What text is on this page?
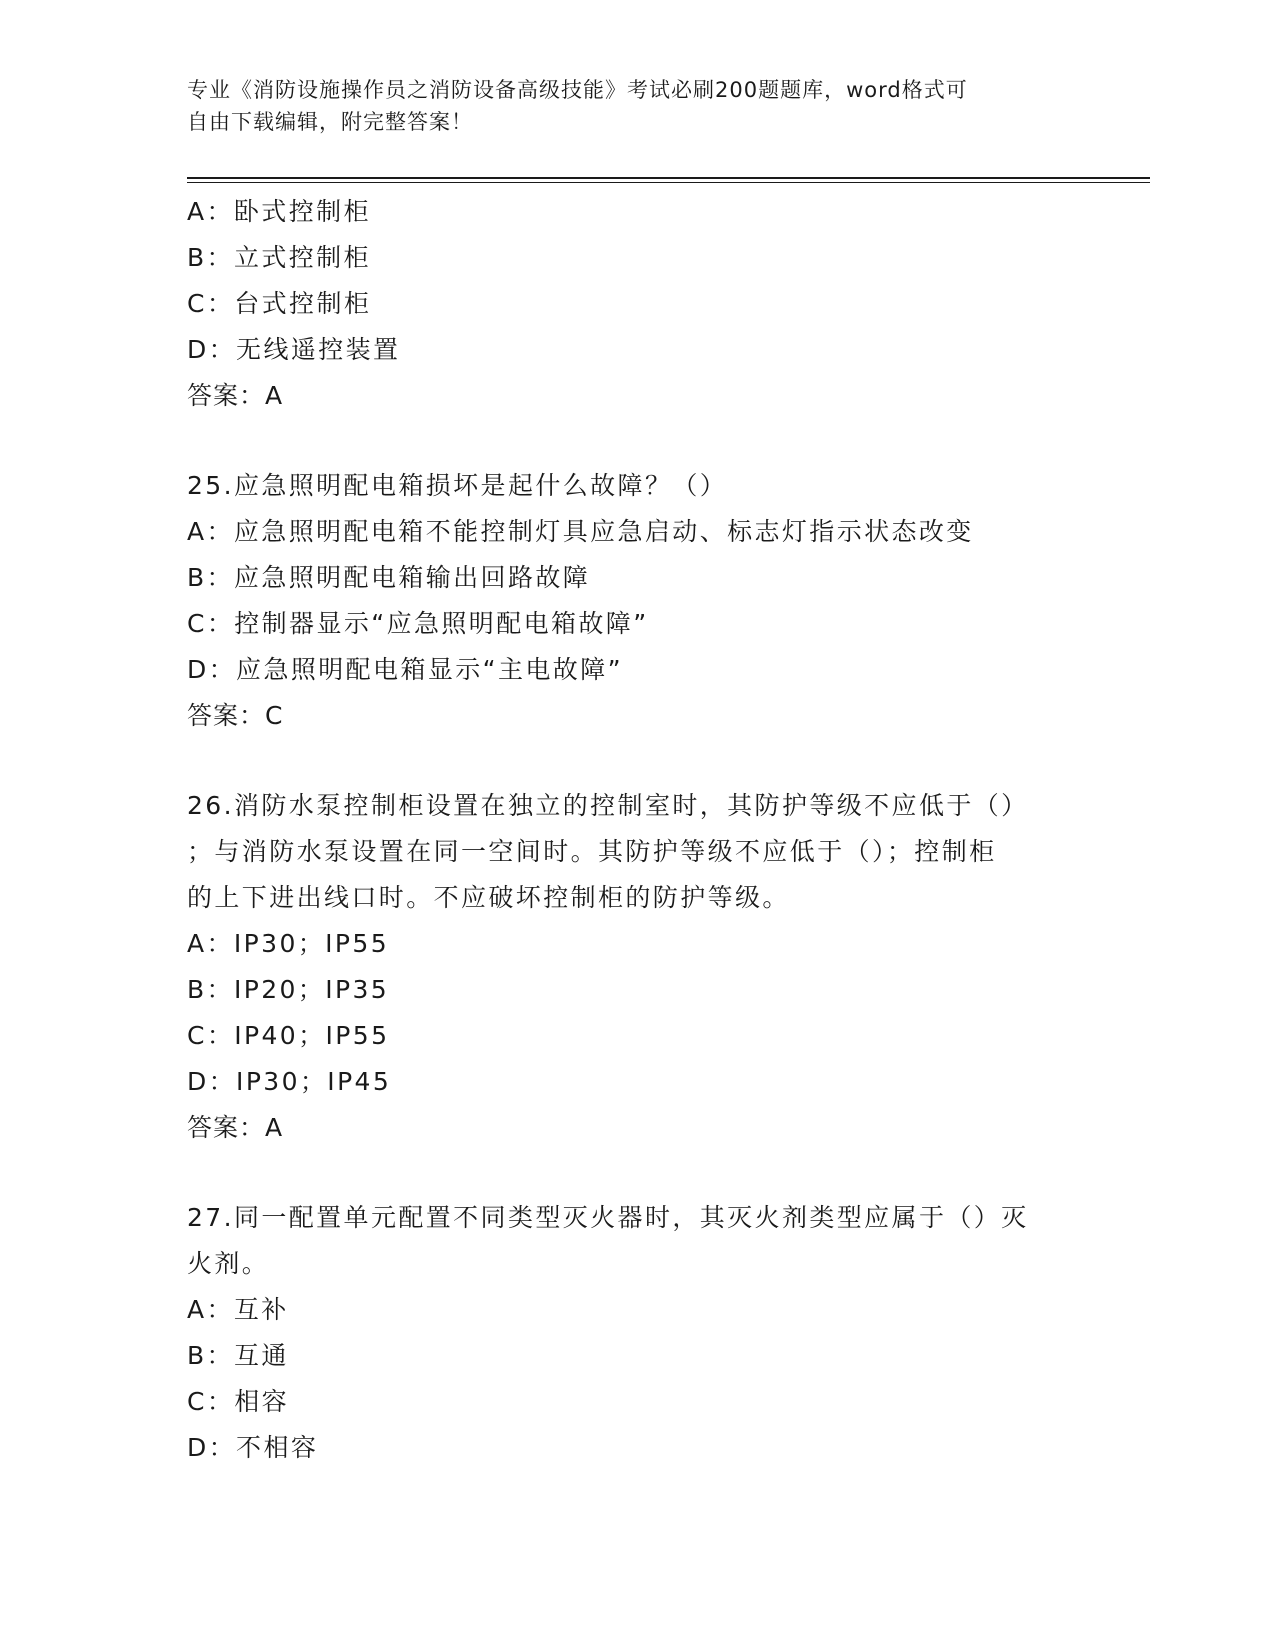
专业《消防设施操作员之消防设备高级技能》考试必刷200题题库，word格式可
自由下载编辑，附完整答案！
A：卧式控制柜
B：立式控制柜
C：台式控制柜
D：无线遥控装置
答案：A
25.应急照明配电箱损坏是起什么故障？（）
A：应急照明配电箱不能控制灯具应急启动、标志灯指示状态改变
B：应急照明配电箱输出回路故障
C：控制器显示“应急照明配电箱故障”
D：应急照明配电箱显示“主电故障”
答案：C
26.消防水泵控制柜设置在独立的控制室时，其防护等级不应低于（）
；与消防水泵设置在同一空间时。其防护等级不应低于（）；控制柜
的上下进出线口时。不应破坏控制柜的防护等级。
A：IP30；IP55
B：IP20；IP35
C：IP40；IP55
D：IP30；IP45
答案：A
27.同一配置单元配置不同类型灭火器时，其灭火剂类型应属于（）灭
火剂。
A：互补
B：互通
C：相容
D：不相容
